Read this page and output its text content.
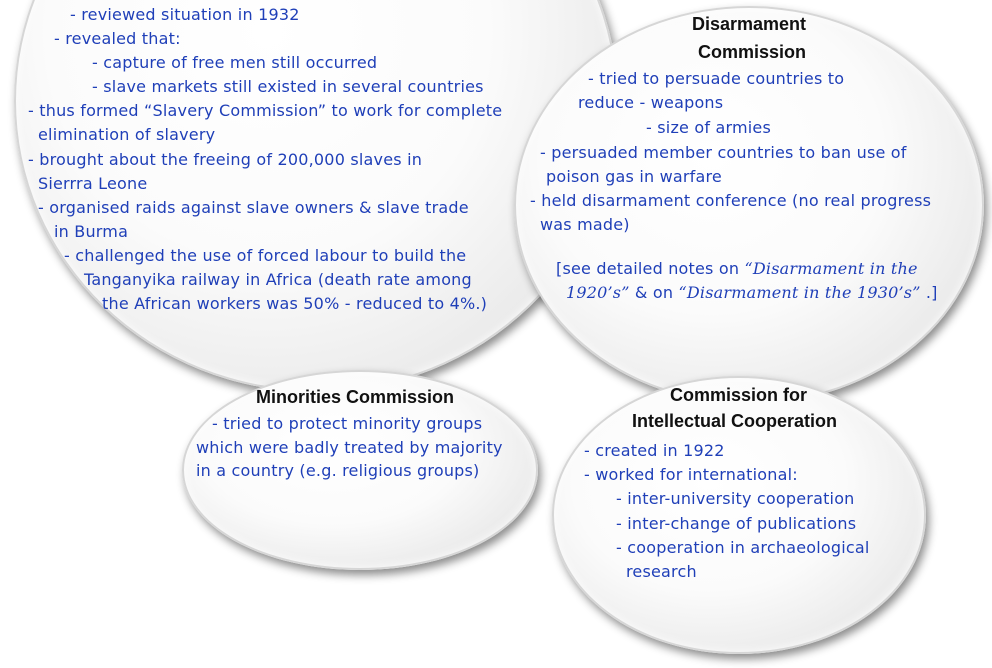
- reviewed situation in 1932
- revealed that:
- capture of free men still occurred
- slave markets still existed in several countries
- thus formed “Slavery Commission” to work for complete
elimination of slavery
- brought about the freeing of 200,000 slaves in
Sierrra Leone
- organised raids against slave owners & slave trade
in Burma
- challenged the use of forced labour to build the
Tanganyika railway in Africa (death rate among
the African workers was 50% - reduced to 4%.)
Disarmament
Commission
- tried to persuade countries to
reduce - weapons
- size of armies
- persuaded member countries to ban use of
poison gas in warfare
- held disarmament conference (no real progress
was made)
[see detailed notes on “Disarmament in the
1920’s” & on “Disarmament in the 1930’s” .]
Minorities Commission
- tried to protect minority groups
which were badly treated by majority
in a country (e.g. religious groups)
Commission for
Intellectual Cooperation
- created in 1922
- worked for international:
- inter-university cooperation
- inter-change of publications
- cooperation in archaeological
research
